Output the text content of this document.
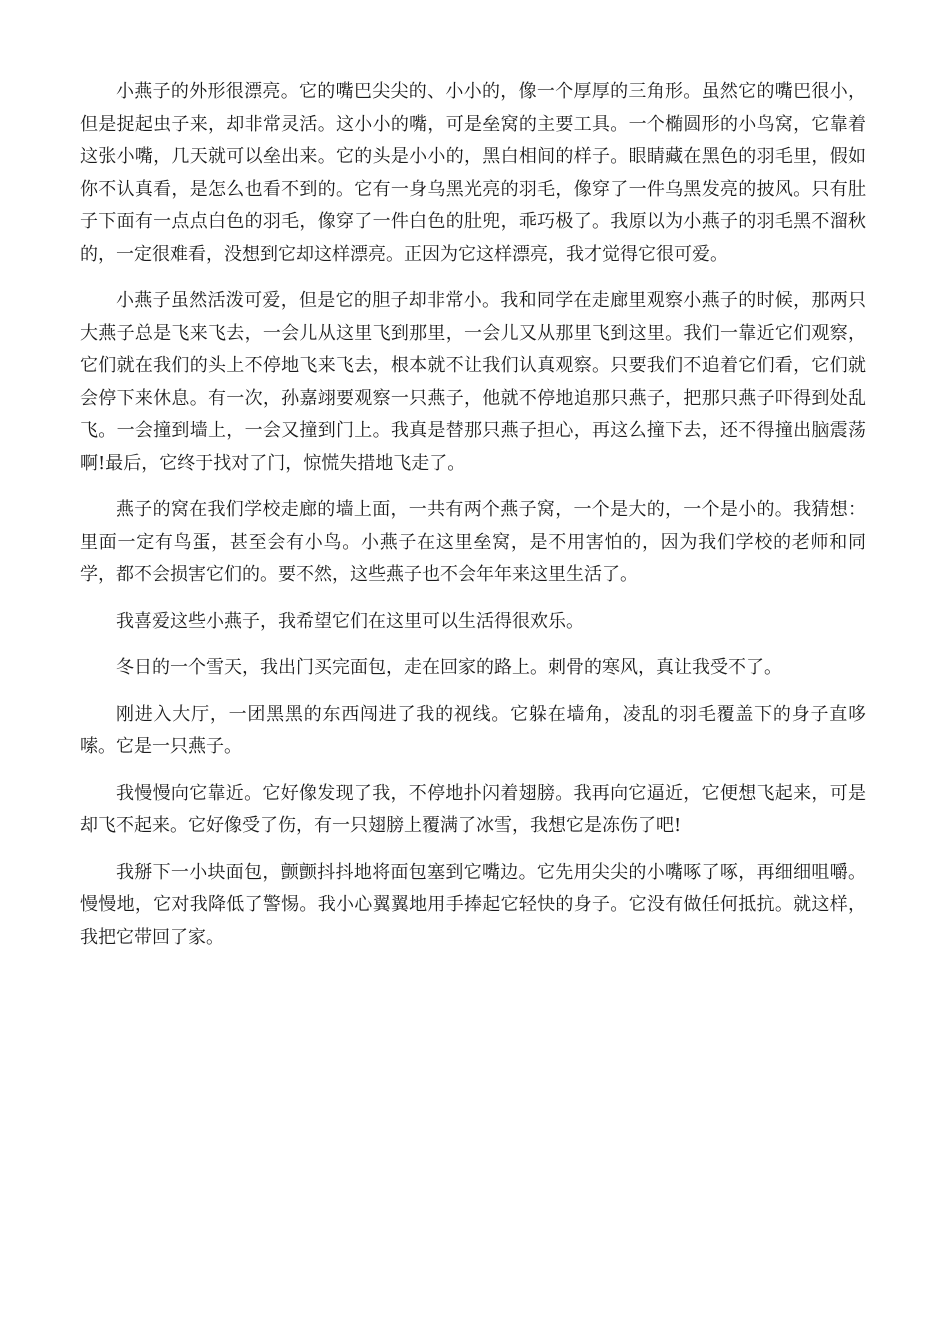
小燕子的外形很漂亮。它的嘴巴尖尖的、小小的，像一个厚厚的三角形。虽然它的嘴巴很小，但是捉起虫子来，却非常灵活。这小小的嘴，可是垒窝的主要工具。一个椭圆形的小鸟窝，它靠着这张小嘴，几天就可以垒出来。它的头是小小的，黑白相间的样子。眼睛藏在黑色的羽毛里，假如你不认真看，是怎么也看不到的。它有一身乌黑光亮的羽毛，像穿了一件乌黑发亮的披风。只有肚子下面有一点点白色的羽毛，像穿了一件白色的肚兜，乖巧极了。我原以为小燕子的羽毛黑不溜秋的，一定很难看，没想到它却这样漂亮。正因为它这样漂亮，我才觉得它很可爱。

小燕子虽然活泼可爱，但是它的胆子却非常小。我和同学在走廊里观察小燕子的时候，那两只大燕子总是飞来飞去，一会儿从这里飞到那里，一会儿又从那里飞到这里。我们一靠近它们观察，它们就在我们的头上不停地飞来飞去，根本就不让我们认真观察。只要我们不追着它们看，它们就会停下来休息。有一次，孙嘉翊要观察一只燕子，他就不停地追那只燕子，把那只燕子吓得到处乱飞。一会撞到墙上，一会又撞到门上。我真是替那只燕子担心，再这么撞下去，还不得撞出脑震荡啊!最后，它终于找对了门，惊慌失措地飞走了。

燕子的窝在我们学校走廊的墙上面，一共有两个燕子窝，一个是大的，一个是小的。我猜想：里面一定有鸟蛋，甚至会有小鸟。小燕子在这里垒窝，是不用害怕的，因为我们学校的老师和同学，都不会损害它们的。要不然，这些燕子也不会年年来这里生活了。

我喜爱这些小燕子，我希望它们在这里可以生活得很欢乐。

冬日的一个雪天，我出门买完面包，走在回家的路上。刺骨的寒风，真让我受不了。

刚进入大厅，一团黑黑的东西闯进了我的视线。它躲在墙角，凌乱的羽毛覆盖下的身子直哆嗦。它是一只燕子。

我慢慢向它靠近。它好像发现了我，不停地扑闪着翅膀。我再向它逼近，它便想飞起来，可是却飞不起来。它好像受了伤，有一只翅膀上覆满了冰雪，我想它是冻伤了吧!

我掰下一小块面包，颤颤抖抖地将面包塞到它嘴边。它先用尖尖的小嘴啄了啄，再细细咀嚼。慢慢地，它对我降低了警惕。我小心翼翼地用手捧起它轻快的身子。它没有做任何抵抗。就这样，我把它带回了家。
